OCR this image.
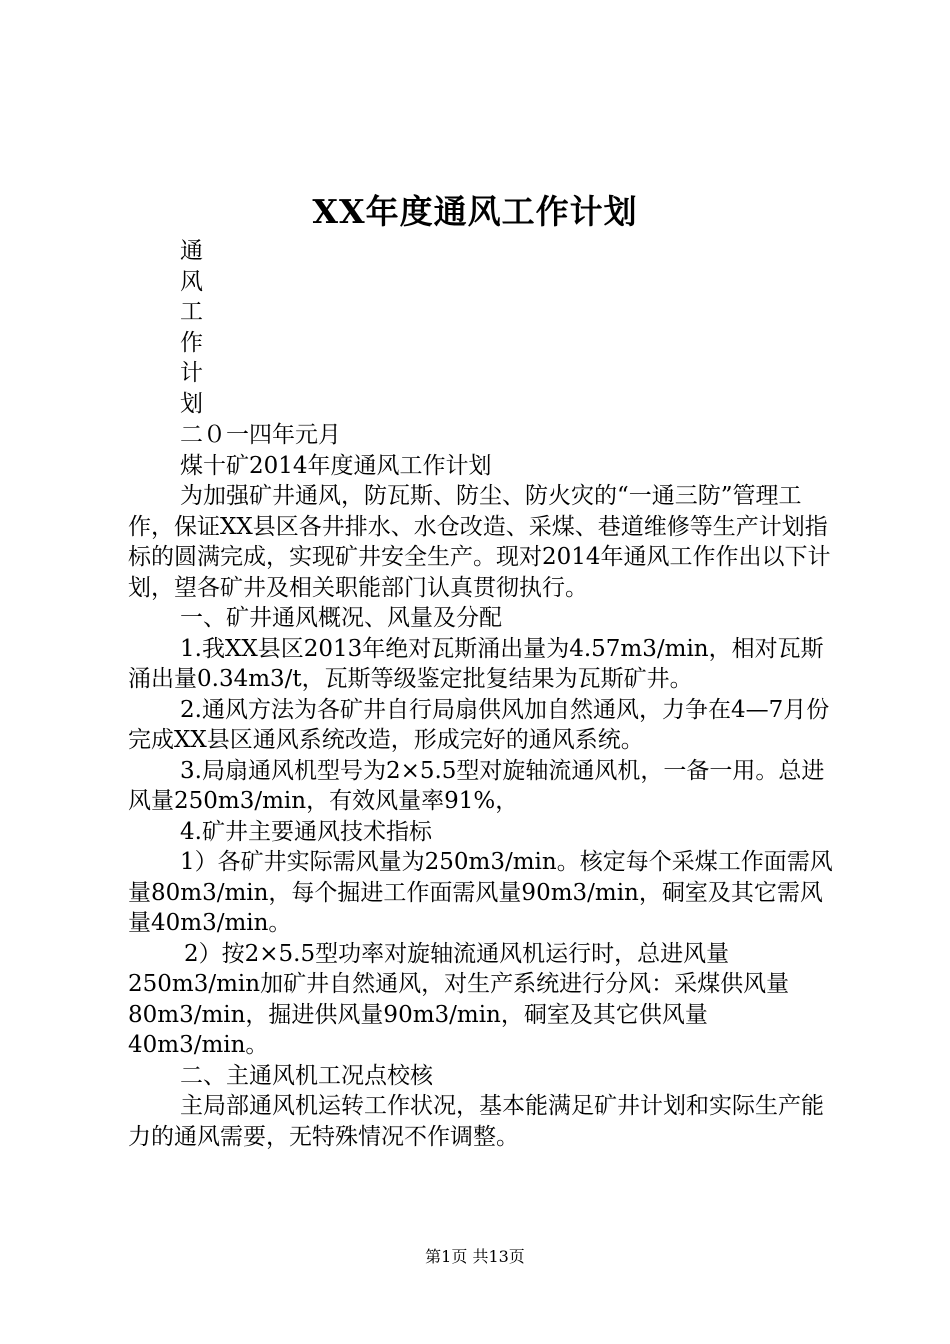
XX年度通风工作计划
通
风
工
作
计
划

二０一四年元月

煤十矿2014年度通风工作计划

为加强矿井通风，防瓦斯、防尘、防火灾的“一通三防”管理工作，保证XX县区各井排水、水仓改造、采煤、巷道维修等生产计划指标的圆满完成，实现矿井安全生产。现对2014年通风工作作出以下计划，望各矿井及相关职能部门认真贯彻执行。

一、矿井通风概况、风量及分配

1.我XX县区2013年绝对瓦斯涌出量为4.57m3/min，相对瓦斯涌出量0.34m3/t，瓦斯等级鉴定批复结果为瓦斯矿井。

2.通风方法为各矿井自行局扇供风加自然通风，力争在4—7月份完成XX县区通风系统改造，形成完好的通风系统。

3.局扇通风机型号为2×5.5型对旋轴流通风机，一备一用。总进风量250m3/min，有效风量率91%，

4.矿井主要通风技术指标

1）各矿井实际需风量为250m3/min。核定每个采煤工作面需风量80m3/min，每个掘进工作面需风量90m3/min，硐室及其它需风量40m3/min。

2）按2×5.5型功率对旋轴流通风机运行时，总进风量250m3/min加矿井自然通风，对生产系统进行分风：采煤供风量80m3/min，掘进供风量90m3/min，硐室及其它供风量40m3/min。

二、主通风机工况点校核

主局部通风机运转工作状况，基本能满足矿井计划和实际生产能力的通风需要，无特殊情况不作调整。

第1页 共13页
